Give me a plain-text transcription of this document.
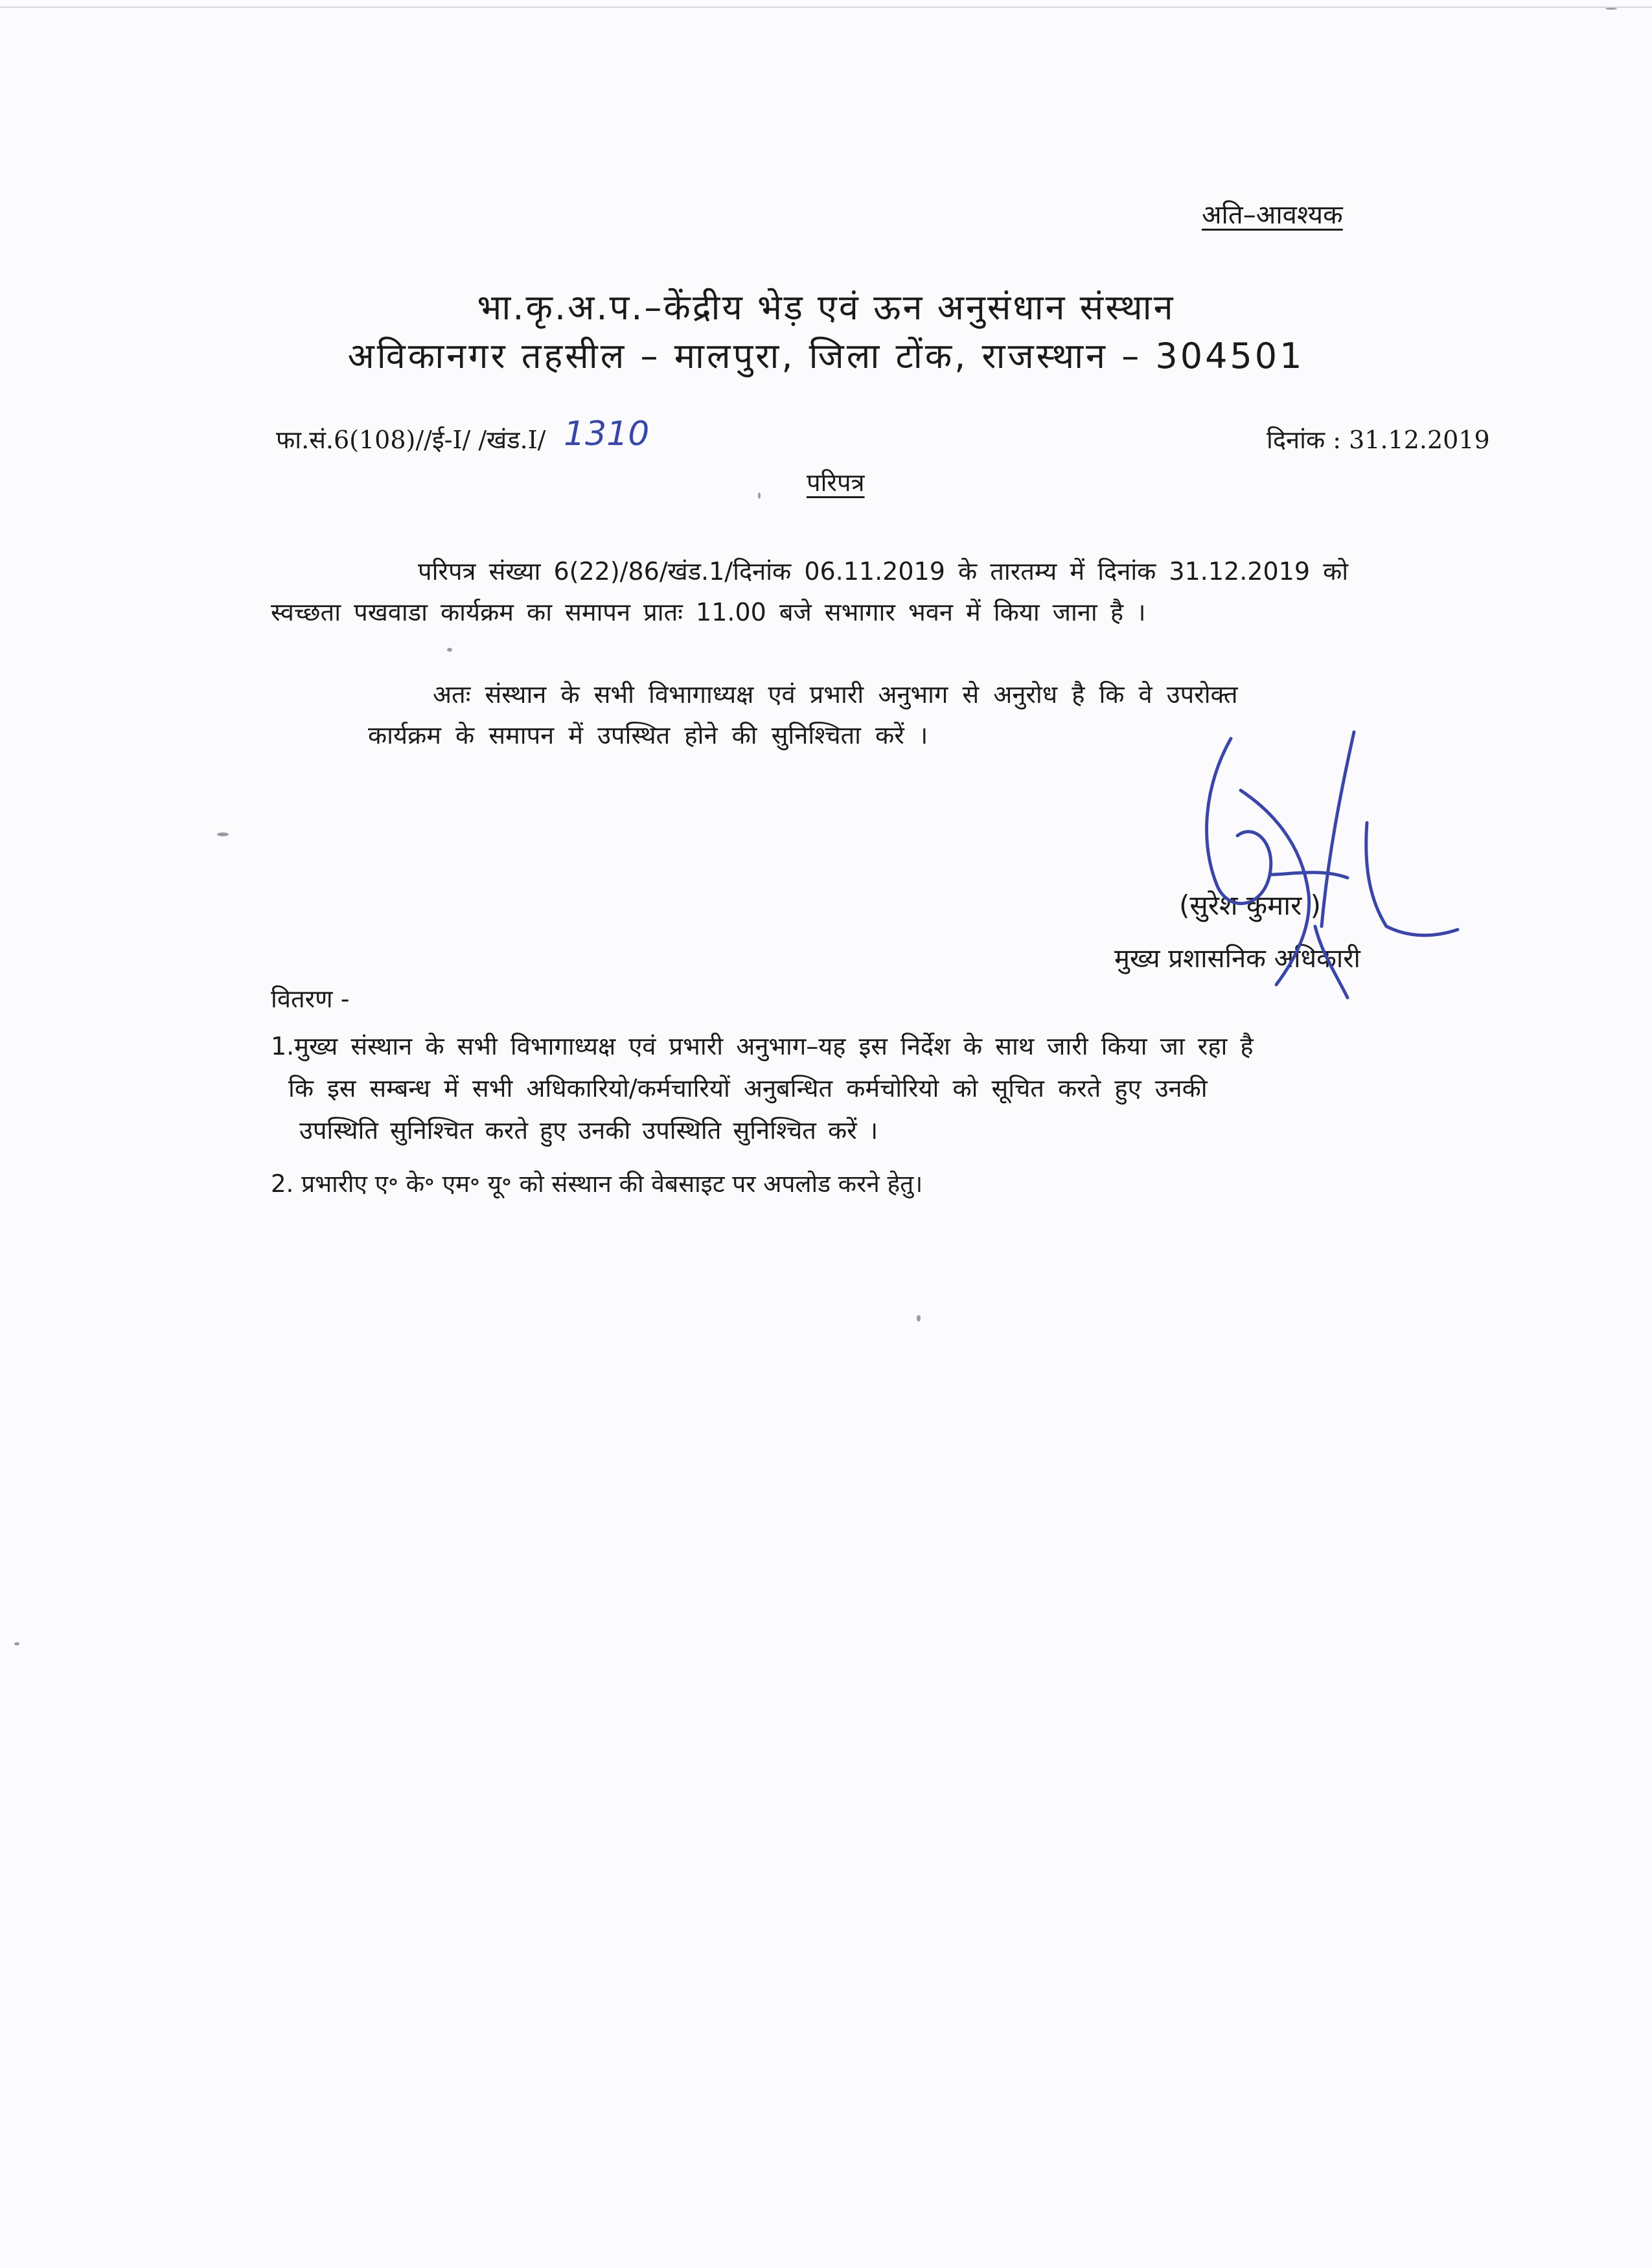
अति–आवश्यक
भा.कृ.अ.प.–केंद्रीय भेड़ एवं ऊन अनुसंधान संस्थान
अविकानगर तहसील – मालपुरा, जिला टोंक, राजस्थान – 304501
फा.सं.6(108)//ई-I/ /खंड.I/ 1310	दिनांक : 31.12.2019
परिपत्र
परिपत्र संख्या 6(22)/86/खंड.1/दिनांक 06.11.2019 के तारतम्य में दिनांक 31.12.2019 को
स्वच्छता पखवाडा कार्यक्रम का समापन प्रातः 11.00 बजे सभागार भवन में किया जाना है ।
अतः संस्थान के सभी विभागाध्यक्ष एवं प्रभारी अनुभाग से अनुरोध है कि वे उपरोक्त
कार्यक्रम के समापन में उपस्थित होने की सुनिश्चिता करें ।
(सुरेश कुमार )
मुख्य प्रशासनिक अधिकारी
वितरण -
1.मुख्य संस्थान के सभी विभागाध्यक्ष एवं प्रभारी अनुभाग–यह इस निर्देश के साथ जारी किया जा रहा है
कि इस सम्बन्ध में सभी अधिकारियो/कर्मचारियों अनुबन्धित कर्मचोरियो को सूचित करते हुए उनकी
उपस्थिति सुनिश्चित करते हुए उनकी उपस्थिति सुनिश्चित करें ।
2. प्रभारीए ए॰ के॰ एम॰ यू॰ को संस्थान की वेबसाइट पर अपलोड करने हेतु।
